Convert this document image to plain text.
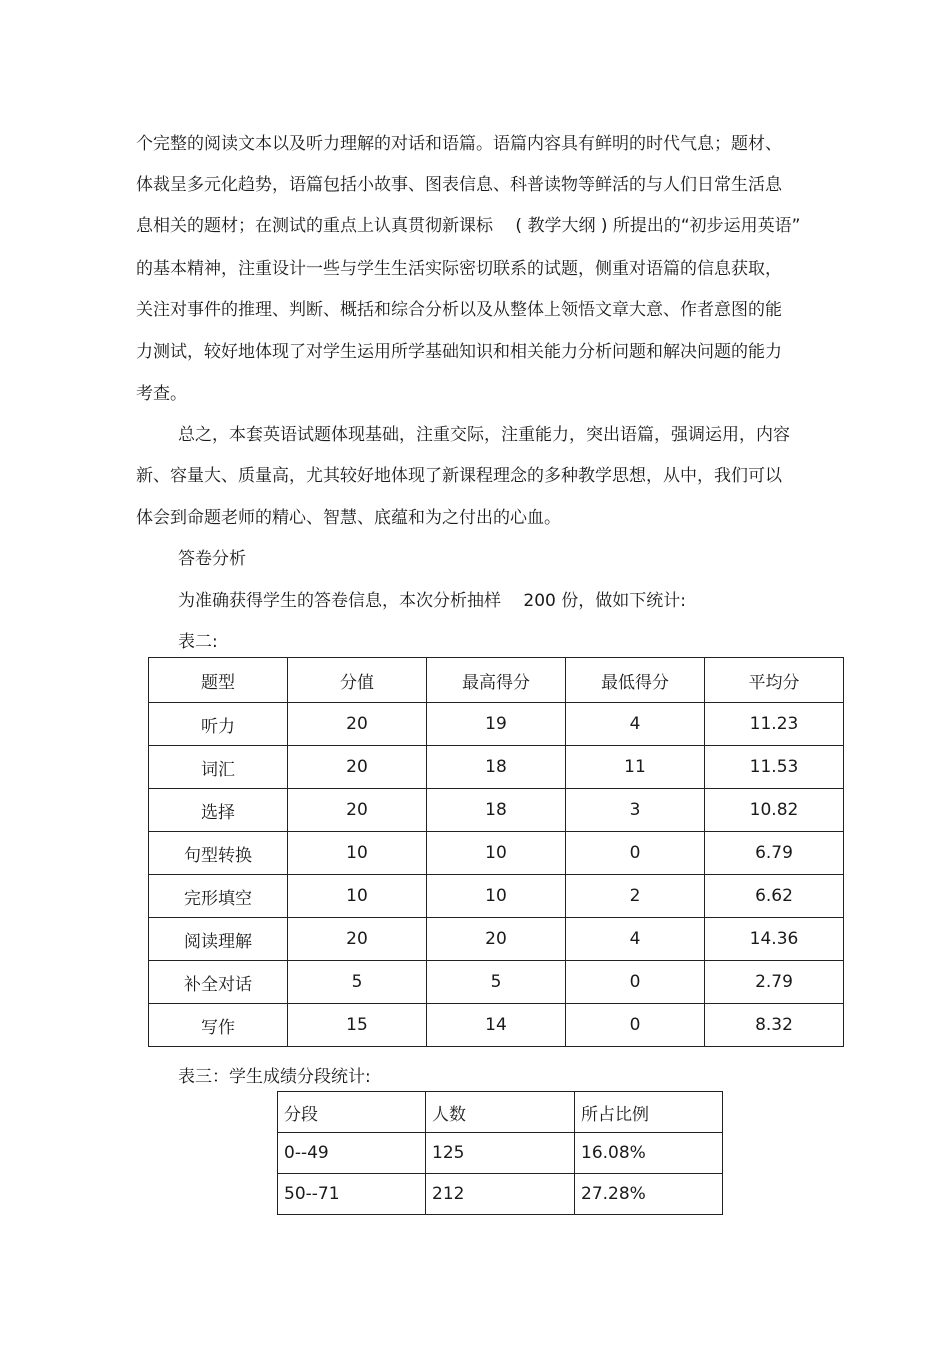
个完整的阅读文本以及听力理解的对话和语篇。语篇内容具有鲜明的时代气息；题材、
体裁呈多元化趋势，语篇包括小故事、图表信息、科普读物等鲜活的与人们日常生活息
息相关的题材；在测试的重点上认真贯彻新课标　 ( 教学大纲 ) 所提出的“初步运用英语”
的基本精神，注重设计一些与学生生活实际密切联系的试题，侧重对语篇的信息获取，
关注对事件的推理、判断、概括和综合分析以及从整体上领悟文章大意、作者意图的能
力测试，较好地体现了对学生运用所学基础知识和相关能力分析问题和解决问题的能力
考查。
总之，本套英语试题体现基础，注重交际，注重能力，突出语篇，强调运用，内容
新、容量大、质量高，尤其较好地体现了新课程理念的多种教学思想，从中，我们可以
体会到命题老师的精心、智慧、底蕴和为之付出的心血。
答卷分析
为准确获得学生的答卷信息，本次分析抽样　 200 份，做如下统计:
表二:
题型	分值	最高得分	最低得分	平均分
听力	20	19	4	11.23
词汇	20	18	11	11.53
选择	20	18	3	10.82
句型转换	10	10	0	6.79
完形填空	10	10	2	6.62
阅读理解	20	20	4	14.36
补全对话	5	5	0	2.79
写作	15	14	0	8.32
表三：学生成绩分段统计:
分段	人数	所占比例
0--49	125	16.08%
50--71	212	27.28%
